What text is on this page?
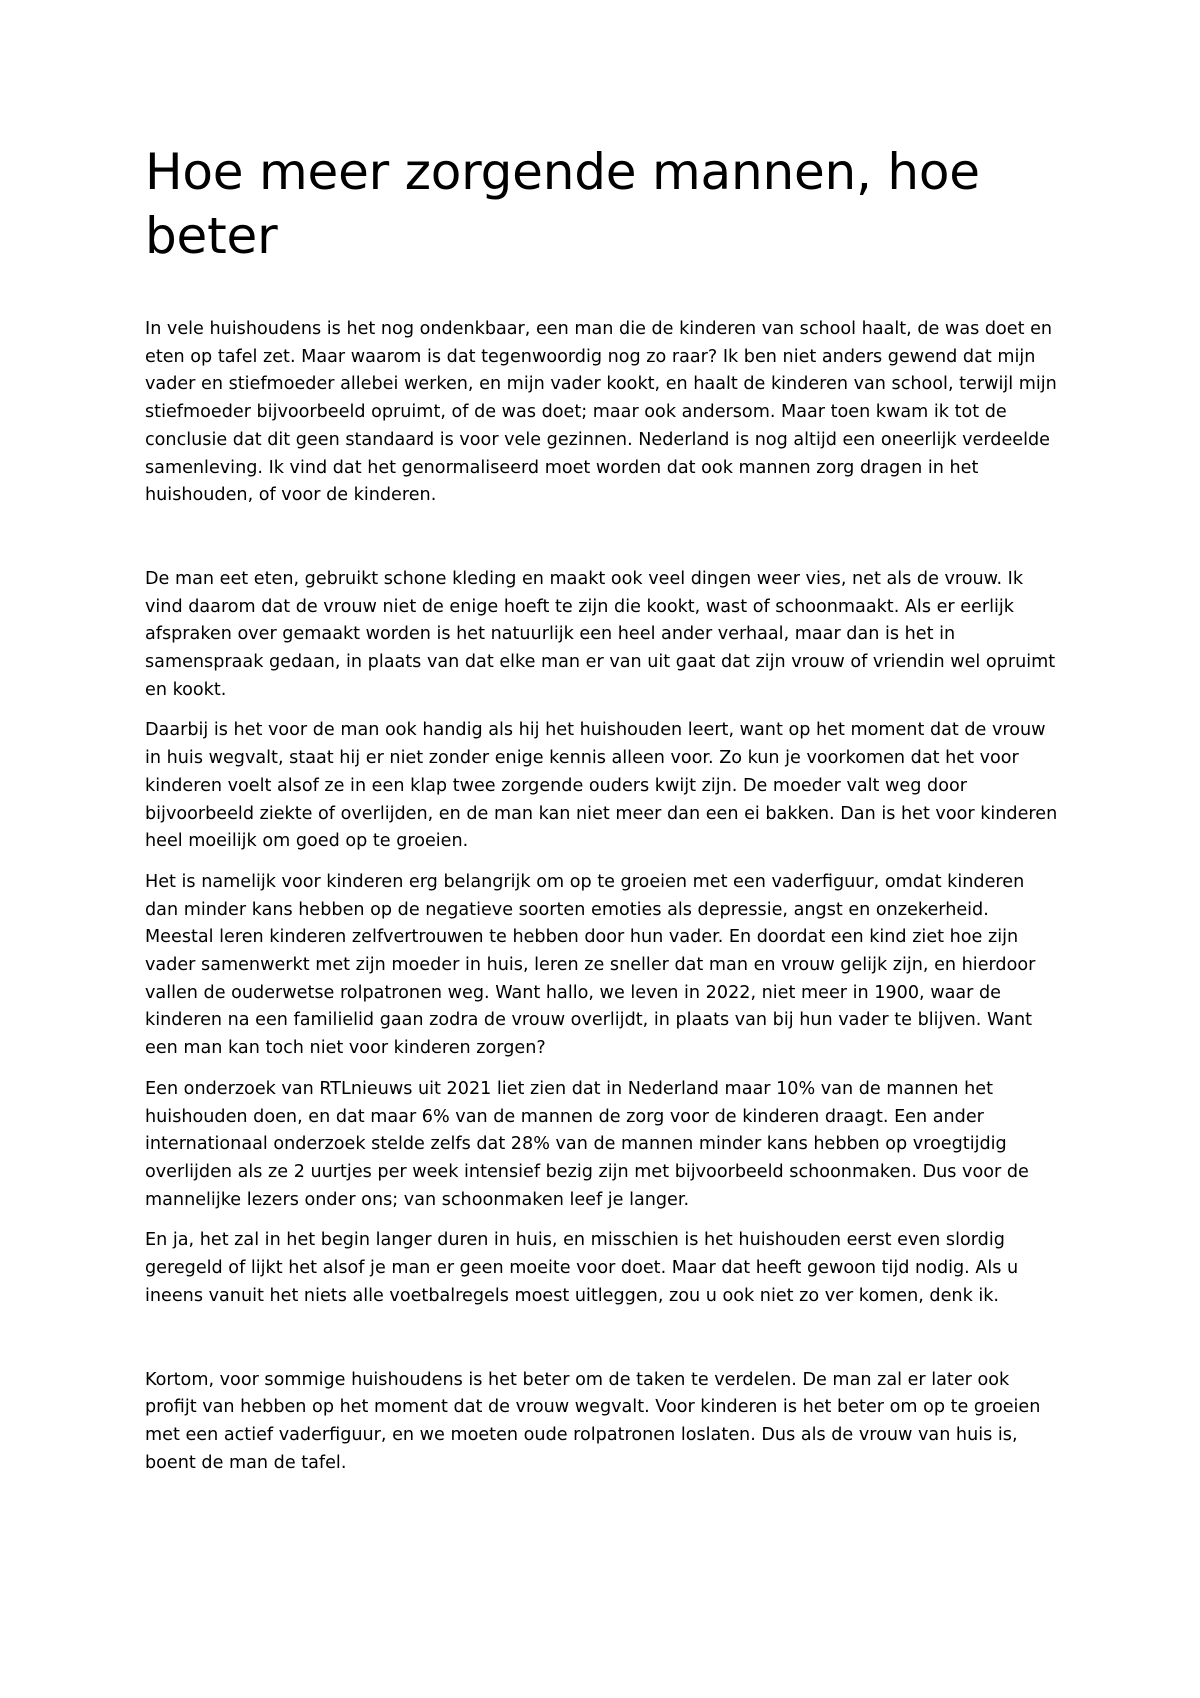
Hoe meer zorgende mannen, hoe beter

In vele huishoudens is het nog ondenkbaar, een man die de kinderen van school haalt, de was doet en eten op tafel zet. Maar waarom is dat tegenwoordig nog zo raar? Ik ben niet anders gewend dat mijn vader en stiefmoeder allebei werken, en mijn vader kookt, en haalt de kinderen van school, terwijl mijn stiefmoeder bijvoorbeeld opruimt, of de was doet; maar ook andersom. Maar toen kwam ik tot de conclusie dat dit geen standaard is voor vele gezinnen. Nederland is nog altijd een oneerlijk verdeelde samenleving. Ik vind dat het genormaliseerd moet worden dat ook mannen zorg dragen in het huishouden, of voor de kinderen.

De man eet eten, gebruikt schone kleding en maakt ook veel dingen weer vies, net als de vrouw. Ik vind daarom dat de vrouw niet de enige hoeft te zijn die kookt, wast of schoonmaakt. Als er eerlijk afspraken over gemaakt worden is het natuurlijk een heel ander verhaal, maar dan is het in samenspraak gedaan, in plaats van dat elke man er van uit gaat dat zijn vrouw of vriendin wel opruimt en kookt.

Daarbij is het voor de man ook handig als hij het huishouden leert, want op het moment dat de vrouw in huis wegvalt, staat hij er niet zonder enige kennis alleen voor. Zo kun je voorkomen dat het voor kinderen voelt alsof ze in een klap twee zorgende ouders kwijt zijn. De moeder valt weg door bijvoorbeeld ziekte of overlijden, en de man kan niet meer dan een ei bakken. Dan is het voor kinderen heel moeilijk om goed op te groeien.

Het is namelijk voor kinderen erg belangrijk om op te groeien met een vaderfiguur, omdat kinderen dan minder kans hebben op de negatieve soorten emoties als depressie, angst en onzekerheid. Meestal leren kinderen zelfvertrouwen te hebben door hun vader. En doordat een kind ziet hoe zijn vader samenwerkt met zijn moeder in huis, leren ze sneller dat man en vrouw gelijk zijn, en hierdoor vallen de ouderwetse rolpatronen weg. Want hallo, we leven in 2022, niet meer in 1900, waar de kinderen na een familielid gaan zodra de vrouw overlijdt, in plaats van bij hun vader te blijven. Want een man kan toch niet voor kinderen zorgen?

Een onderzoek van RTLnieuws uit 2021 liet zien dat in Nederland maar 10% van de mannen het huishouden doen, en dat maar 6% van de mannen de zorg voor de kinderen draagt. Een ander internationaal onderzoek stelde zelfs dat 28% van de mannen minder kans hebben op vroegtijdig overlijden als ze 2 uurtjes per week intensief bezig zijn met bijvoorbeeld schoonmaken. Dus voor de mannelijke lezers onder ons; van schoonmaken leef je langer.

En ja, het zal in het begin langer duren in huis, en misschien is het huishouden eerst even slordig geregeld of lijkt het alsof je man er geen moeite voor doet. Maar dat heeft gewoon tijd nodig. Als u ineens vanuit het niets alle voetbalregels moest uitleggen, zou u ook niet zo ver komen, denk ik.

Kortom, voor sommige huishoudens is het beter om de taken te verdelen. De man zal er later ook profijt van hebben op het moment dat de vrouw wegvalt. Voor kinderen is het beter om op te groeien met een actief vaderfiguur, en we moeten oude rolpatronen loslaten. Dus als de vrouw van huis is, boent de man de tafel.
